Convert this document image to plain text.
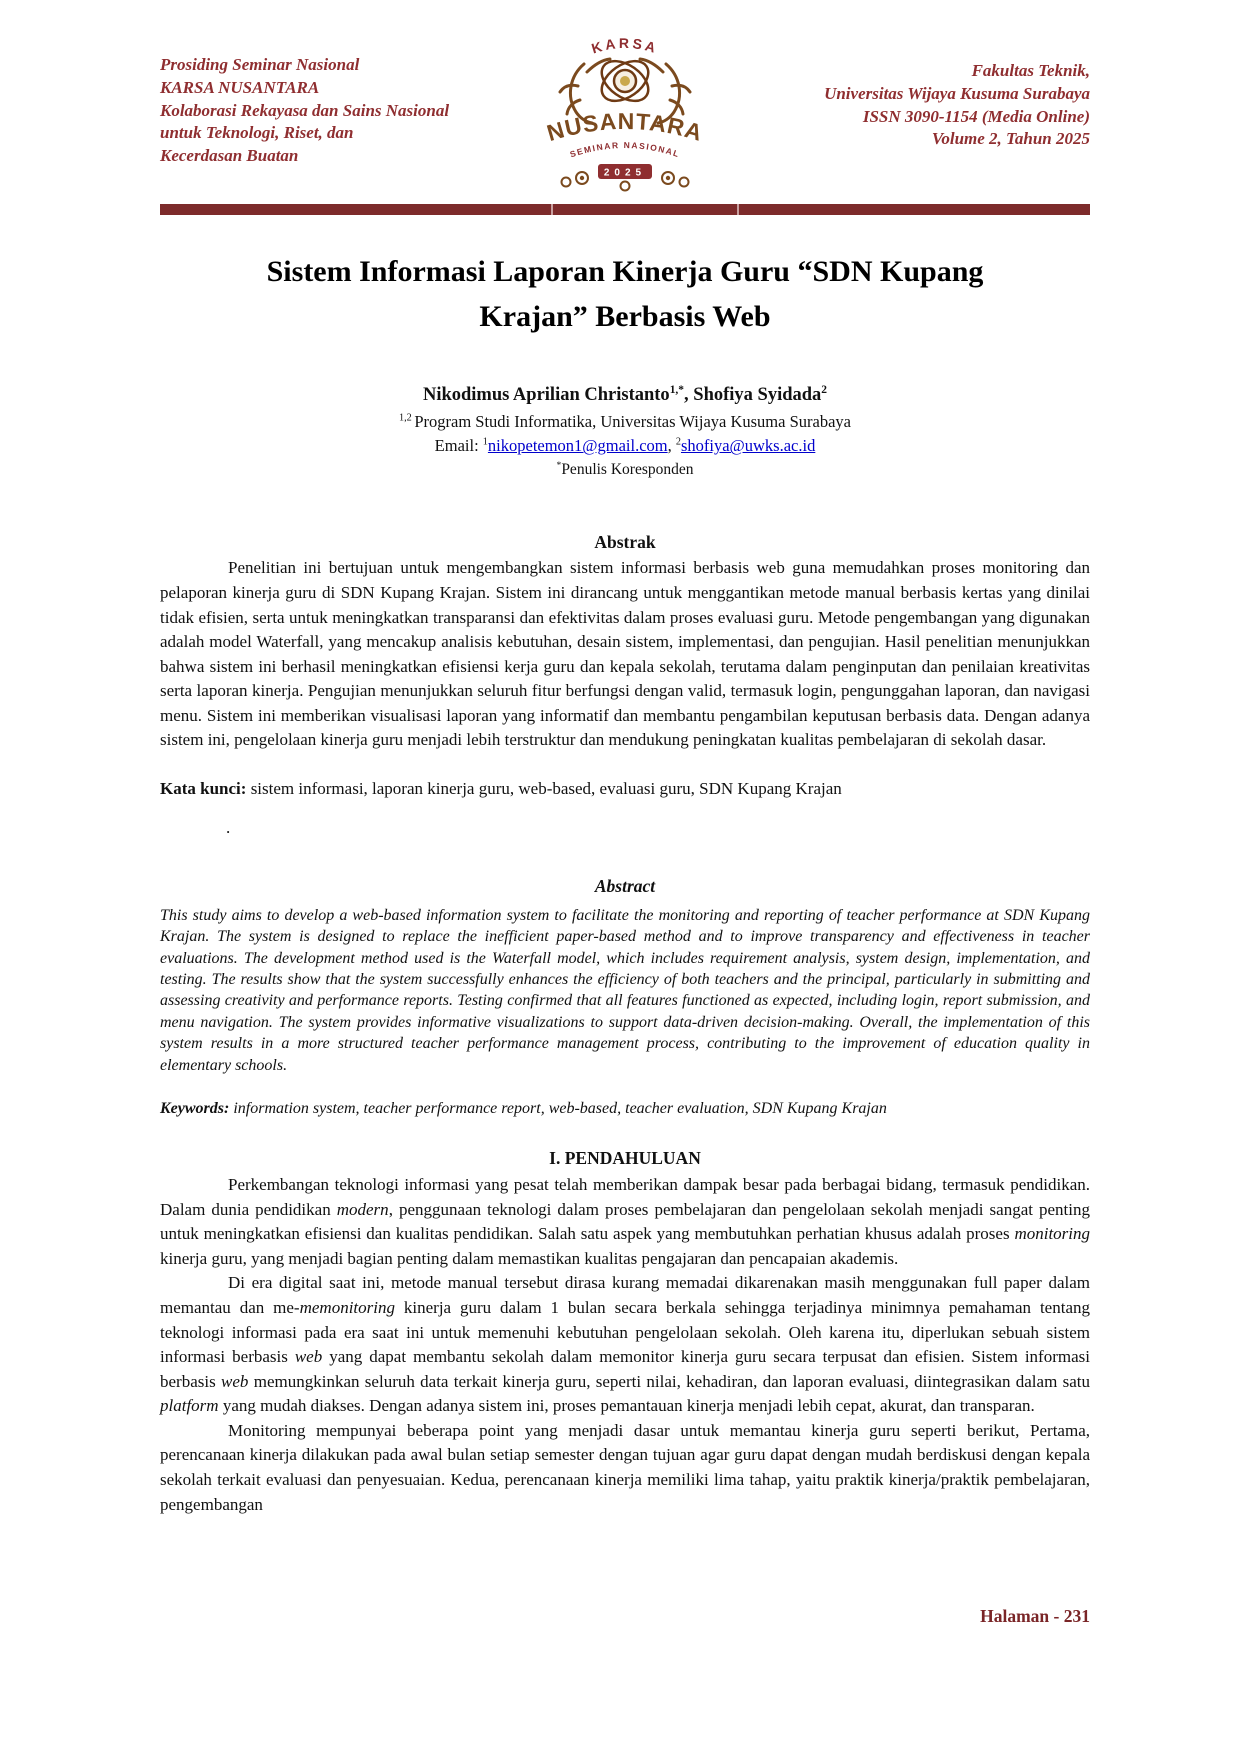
Prosiding Seminar Nasional
KARSA NUSANTARA
Kolaborasi Rekayasa dan Sains Nasional
untuk Teknologi, Riset, dan
Kecerdasan Buatan
KARSA
NUSANTARA
SEMINAR NASIONAL
2025
Fakultas Teknik,
Universitas Wijaya Kusuma Surabaya
ISSN 3090-1154 (Media Online)
Volume 2, Tahun 2025
Sistem Informasi Laporan Kinerja Guru “SDN Kupang Krajan” Berbasis Web
Nikodimus Aprilian Christanto$^{1,*}$, Shofiya Syidada$^2$
$^{1,2}$ Program Studi Informatika, Universitas Wijaya Kusuma Surabaya
Email: $^1$nikopetemon1@gmail.com, $^2$shofiya@uwks.ac.id
*Penulis Koresponden
Abstrak

Penelitian ini bertujuan untuk mengembangkan sistem informasi berbasis web guna memudahkan proses monitoring dan pelaporan kinerja guru di SDN Kupang Krajan. Sistem ini dirancang untuk menggantikan metode manual berbasis kertas yang dinilai tidak efisien, serta untuk meningkatkan transparansi dan efektivitas dalam proses evaluasi guru. Metode pengembangan yang digunakan adalah model Waterfall, yang mencakup analisis kebutuhan, desain sistem, implementasi, dan pengujian. Hasil penelitian menunjukkan bahwa sistem ini berhasil meningkatkan efisiensi kerja guru dan kepala sekolah, terutama dalam penginputan dan penilaian kreativitas serta laporan kinerja. Pengujian menunjukkan seluruh fitur berfungsi dengan valid, termasuk login, pengunggahan laporan, dan navigasi menu. Sistem ini memberikan visualisasi laporan yang informatif dan membantu pengambilan keputusan berbasis data. Dengan adanya sistem ini, pengelolaan kinerja guru menjadi lebih terstruktur dan mendukung peningkatan kualitas pembelajaran di sekolah dasar.

Kata kunci: sistem informasi, laporan kinerja guru, web-based, evaluasi guru, SDN Kupang Krajan

.
Abstract

This study aims to develop a web-based information system to facilitate the monitoring and reporting of teacher performance at SDN Kupang Krajan. The system is designed to replace the inefficient paper-based method and to improve transparency and effectiveness in teacher evaluations. The development method used is the Waterfall model, which includes requirement analysis, system design, implementation, and testing. The results show that the system successfully enhances the efficiency of both teachers and the principal, particularly in submitting and assessing creativity and performance reports. Testing confirmed that all features functioned as expected, including login, report submission, and menu navigation. The system provides informative visualizations to support data-driven decision-making. Overall, the implementation of this system results in a more structured teacher performance management process, contributing to the improvement of education quality in elementary schools.

Keywords: information system, teacher performance report, web-based, teacher evaluation, SDN Kupang Krajan

I. PENDAHULUAN

Perkembangan teknologi informasi yang pesat telah memberikan dampak besar pada berbagai bidang, termasuk pendidikan. Dalam dunia pendidikan modern, penggunaan teknologi dalam proses pembelajaran dan pengelolaan sekolah menjadi sangat penting untuk meningkatkan efisiensi dan kualitas pendidikan. Salah satu aspek yang membutuhkan perhatian khusus adalah proses monitoring kinerja guru, yang menjadi bagian penting dalam memastikan kualitas pengajaran dan pencapaian akademis.

Di era digital saat ini, metode manual tersebut dirasa kurang memadai dikarenakan masih menggunakan full paper dalam memantau dan me-memonitoring kinerja guru dalam 1 bulan secara berkala sehingga terjadinya minimnya pemahaman tentang teknologi informasi pada era saat ini untuk memenuhi kebutuhan pengelolaan sekolah. Oleh karena itu, diperlukan sebuah sistem informasi berbasis web yang dapat membantu sekolah dalam memonitor kinerja guru secara terpusat dan efisien. Sistem informasi berbasis web memungkinkan seluruh data terkait kinerja guru, seperti nilai, kehadiran, dan laporan evaluasi, diintegrasikan dalam satu platform yang mudah diakses. Dengan adanya sistem ini, proses pemantauan kinerja menjadi lebih cepat, akurat, dan transparan.

Monitoring mempunyai beberapa point yang menjadi dasar untuk memantau kinerja guru seperti berikut, Pertama, perencanaan kinerja dilakukan pada awal bulan setiap semester dengan tujuan agar guru dapat dengan mudah berdiskusi dengan kepala sekolah terkait evaluasi dan penyesuaian. Kedua, perencanaan kinerja memiliki lima tahap, yaitu praktik kinerja/praktik pembelajaran, pengembangan

Halaman - 231
